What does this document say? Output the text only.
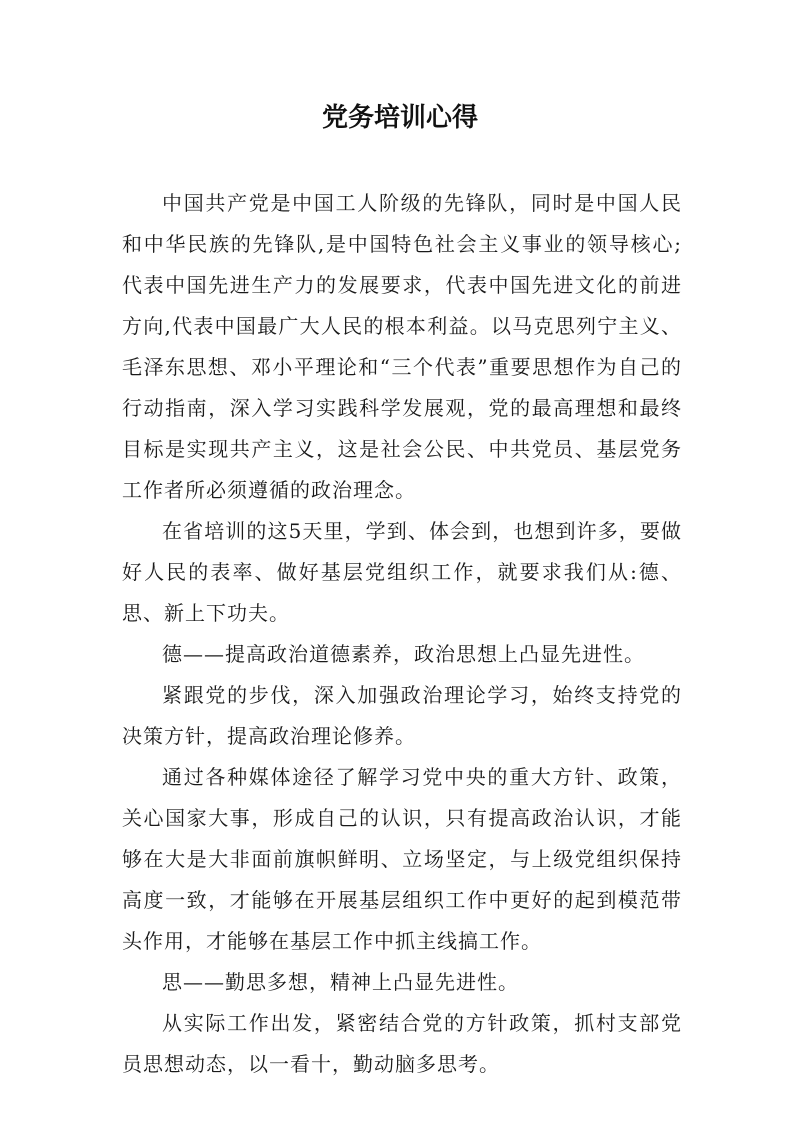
党务培训心得

中国共产党是中国工人阶级的先锋队，同时是中国人民和中华民族的先锋队,是中国特色社会主义事业的领导核心;代表中国先进生产力的发展要求，代表中国先进文化的前进方向,代表中国最广大人民的根本利益。以马克思列宁主义、毛泽东思想、邓小平理论和“三个代表”重要思想作为自己的行动指南，深入学习实践科学发展观，党的最高理想和最终目标是实现共产主义，这是社会公民、中共党员、基层党务工作者所必须遵循的政治理念。

在省培训的这5天里，学到、体会到，也想到许多，要做好人民的表率、做好基层党组织工作，就要求我们从:德、思、新上下功夫。

德——提高政治道德素养，政治思想上凸显先进性。

紧跟党的步伐，深入加强政治理论学习，始终支持党的决策方针，提高政治理论修养。

通过各种媒体途径了解学习党中央的重大方针、政策，关心国家大事，形成自己的认识，只有提高政治认识，才能够在大是大非面前旗帜鲜明、立场坚定，与上级党组织保持高度一致，才能够在开展基层组织工作中更好的起到模范带头作用，才能够在基层工作中抓主线搞工作。

思——勤思多想，精神上凸显先进性。

从实际工作出发，紧密结合党的方针政策，抓村支部党员思想动态，以一看十，勤动脑多思考。
